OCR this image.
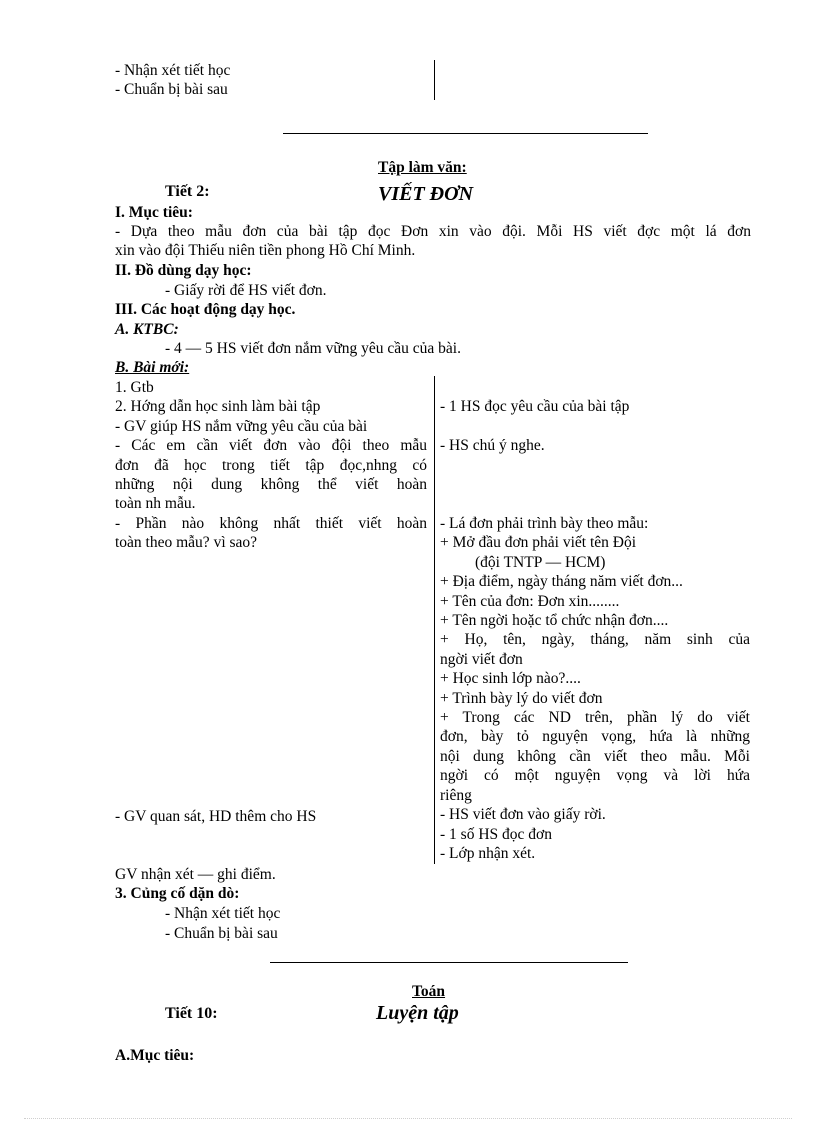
- Nhận xét tiết học
- Chuẩn bị bài sau
Tập làm văn:
Tiết 2:	VIẾT ĐƠN
I. Mục tiêu:
- Dựa theo mẫu đơn của bài tập đọc Đơn xin vào đội. Mỗi HS viết đợc một lá đơn
xin vào đội Thiếu niên tiền phong Hồ Chí Minh.
II. Đồ dùng dạy học:
- Giấy rời để HS viết đơn.
III. Các hoạt động dạy học.
A. KTBC:
- 4 — 5 HS viết đơn nắm vững yêu cầu của bài.
B. Bài mới:
1. Gtb
2. Hớng dẫn học sinh làm bài tập
- GV giúp HS nắm vững yêu cầu của bài
- Các em cần viết đơn vào đội theo mẫu
đơn đã học trong tiết tập đọc,nhng có
những nội dung không thể viết hoàn
toàn nh mẫu.
- Phần nào không nhất thiết viết hoàn
toàn theo mẫu? vì sao?
- GV quan sát, HD thêm cho HS
- 1 HS đọc yêu cầu của bài tập
- HS chú ý nghe.
- Lá đơn phải trình bày theo mẫu:
+ Mở đầu đơn phải viết tên Đội
(đội TNTP — HCM)
+ Địa điểm, ngày tháng năm viết đơn...
+ Tên của đơn: Đơn xin........
+ Tên ngời hoặc tổ chức nhận đơn....
+ Họ, tên, ngày, tháng, năm sinh của
ngời viết đơn
+ Học sinh lớp nào?....
+ Trình bày lý do viết đơn
+ Trong các ND trên, phần lý do viết
đơn, bày tỏ nguyện vọng, hứa là những
nội dung không cần viết theo mẫu. Mỗi
ngời có một nguyện vọng và lời hứa
riêng
- HS viết đơn vào giấy rời.
- 1 số HS đọc đơn
- Lớp nhận xét.
GV nhận xét — ghi điểm.
3. Củng cố dặn dò:
- Nhận xét tiết học
- Chuẩn bị bài sau
Toán
Tiết 10:	Luyện tập
A.Mục tiêu:
